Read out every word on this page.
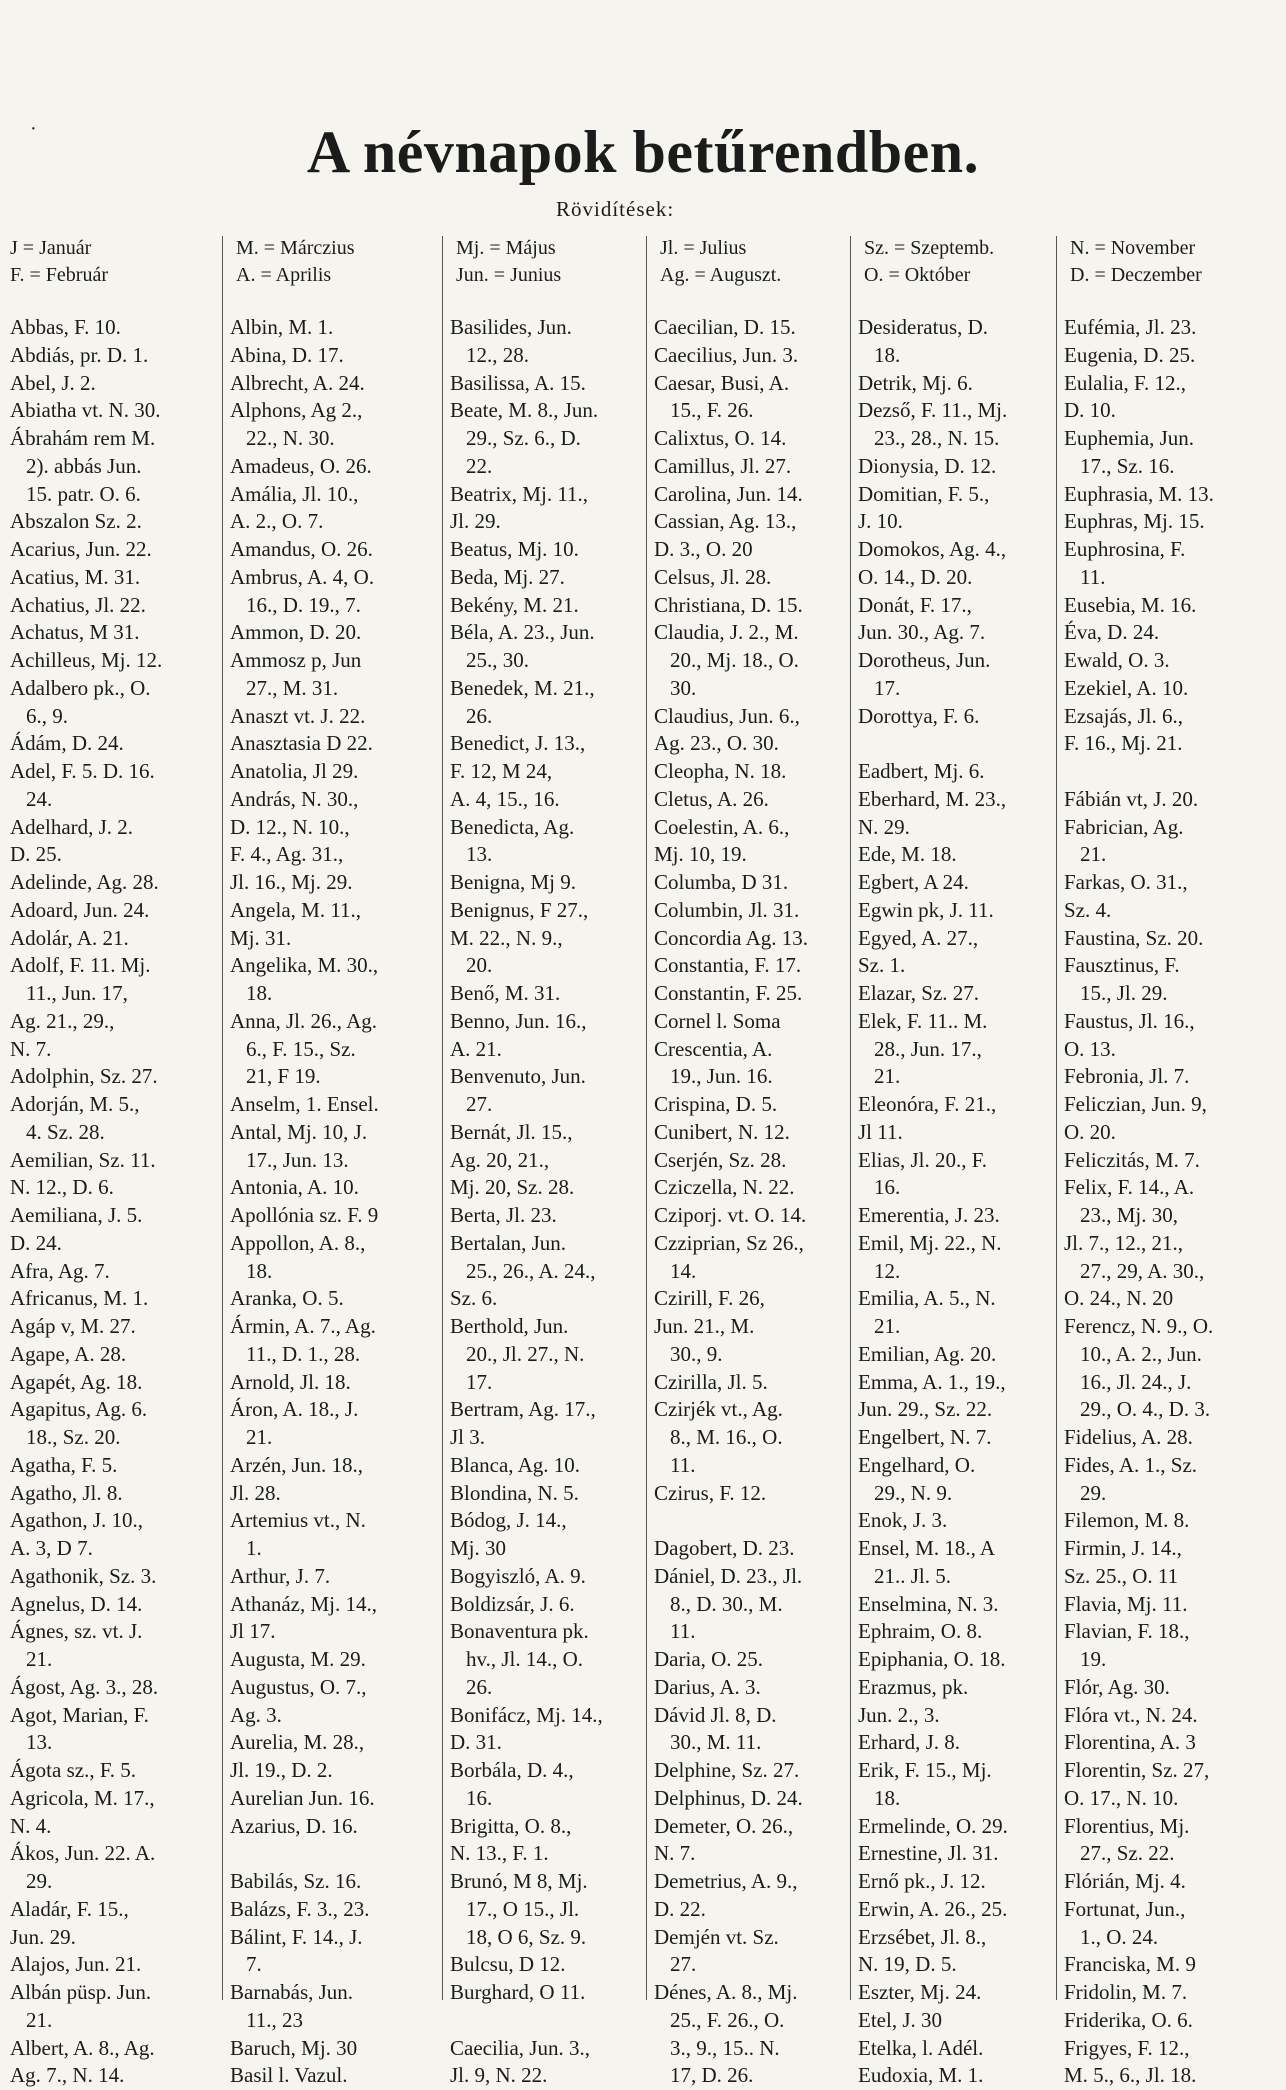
·	A névnapok betűrendben.
Rövidítések:
J = Január
F. = Február
M. = Márczius
A. = Aprilis
Mj. = Május
Jun. = Junius
Jl. = Julius
Ag. = Auguszt.
Sz. = Szeptemb.
O. = Október
N. = November
D. = Deczember
Abbas, F. 10.
Abdiás, pr. D. 1.
Abel, J. 2.
Abiatha vt. N. 30.
Ábrahám rem M.
2). abbás Jun.
15. patr. O. 6.
Abszalon Sz. 2.
Acarius, Jun. 22.
Acatius, M. 31.
Achatius, Jl. 22.
Achatus, M 31.
Achilleus, Mj. 12.
Adalbero pk., O.
6., 9.
Ádám, D. 24.
Adel, F. 5. D. 16.
24.
Adelhard, J. 2.
D. 25.
Adelinde, Ag. 28.
Adoard, Jun. 24.
Adolár, A. 21.
Adolf, F. 11. Mj.
11., Jun. 17,
Ag. 21., 29.,
N. 7.
Adolphin, Sz. 27.
Adorján, M. 5.,
4. Sz. 28.
Aemilian, Sz. 11.
N. 12., D. 6.
Aemiliana, J. 5.
D. 24.
Afra, Ag. 7.
Africanus, M. 1.
Agáp v, M. 27.
Agape, A. 28.
Agapét, Ag. 18.
Agapitus, Ag. 6.
18., Sz. 20.
Agatha, F. 5.
Agatho, Jl. 8.
Agathon, J. 10.,
A. 3, D 7.
Agathonik, Sz. 3.
Agnelus, D. 14.
Ágnes, sz. vt. J.
21.
Ágost, Ag. 3., 28.
Agot, Marian, F.
13.
Ágota sz., F. 5.
Agricola, M. 17.,
N. 4.
Ákos, Jun. 22. A.
29.
Aladár, F. 15.,
Jun. 29.
Alajos, Jun. 21.
Albán püsp. Jun.
21.
Albert, A. 8., Ag.
Ag. 7., N. 14.
Albin, M. 1.
Abina, D. 17.
Albrecht, A. 24.
Alphons, Ag 2.,
22., N. 30.
Amadeus, O. 26.
Amália, Jl. 10.,
A. 2., O. 7.
Amandus, O. 26.
Ambrus, A. 4, O.
16., D. 19., 7.
Ammon, D. 20.
Ammosz p, Jun
27., M. 31.
Anaszt vt. J. 22.
Anasztasia D 22.
Anatolia, Jl 29.
András, N. 30.,
D. 12., N. 10.,
F. 4., Ag. 31.,
Jl. 16., Mj. 29.
Angela, M. 11.,
Mj. 31.
Angelika, M. 30.,
18.
Anna, Jl. 26., Ag.
6., F. 15., Sz.
21, F 19.
Anselm, 1. Ensel.
Antal, Mj. 10, J.
17., Jun. 13.
Antonia, A. 10.
Apollónia sz. F. 9
Appollon, A. 8.,
18.
Aranka, O. 5.
Ármin, A. 7., Ag.
11., D. 1., 28.
Arnold, Jl. 18.
Áron, A. 18., J.
21.
Arzén, Jun. 18.,
Jl. 28.
Artemius vt., N.
1.
Arthur, J. 7.
Athanáz, Mj. 14.,
Jl 17.
Augusta, M. 29.
Augustus, O. 7.,
Ag. 3.
Aurelia, M. 28.,
Jl. 19., D. 2.
Aurelian Jun. 16.
Azarius, D. 16.

Babilás, Sz. 16.
Balázs, F. 3., 23.
Bálint, F. 14., J.
7.
Barnabás, Jun.
11., 23
Baruch, Mj. 30
Basil l. Vazul.
Basilides, Jun.
12., 28.
Basilissa, A. 15.
Beate, M. 8., Jun.
29., Sz. 6., D.
22.
Beatrix, Mj. 11.,
Jl. 29.
Beatus, Mj. 10.
Beda, Mj. 27.
Bekény, M. 21.
Béla, A. 23., Jun.
25., 30.
Benedek, M. 21.,
26.
Benedict, J. 13.,
F. 12, M 24,
A. 4, 15., 16.
Benedicta, Ag.
13.
Benigna, Mj 9.
Benignus, F 27.,
M. 22., N. 9.,
20.
Benő, M. 31.
Benno, Jun. 16.,
A. 21.
Benvenuto, Jun.
27.
Bernát, Jl. 15.,
Ag. 20, 21.,
Mj. 20, Sz. 28.
Berta, Jl. 23.
Bertalan, Jun.
25., 26., A. 24.,
Sz. 6.
Berthold, Jun.
20., Jl. 27., N.
17.
Bertram, Ag. 17.,
Jl 3.
Blanca, Ag. 10.
Blondina, N. 5.
Bódog, J. 14.,
Mj. 30
Bogyiszló, A. 9.
Boldizsár, J. 6.
Bonaventura pk.
hv., Jl. 14., O.
26.
Bonifácz, Mj. 14.,
D. 31.
Borbála, D. 4.,
16.
Brigitta, O. 8.,
N. 13., F. 1.
Brunó, M 8, Mj.
17., O 15., Jl.
18, O 6, Sz. 9.
Bulcsu, D 12.
Burghard, O 11.

Caecilia, Jun. 3.,
Jl. 9, N. 22.
Caecilian, D. 15.
Caecilius, Jun. 3.
Caesar, Busi, A.
15., F. 26.
Calixtus, O. 14.
Camillus, Jl. 27.
Carolina, Jun. 14.
Cassian, Ag. 13.,
D. 3., O. 20
Celsus, Jl. 28.
Christiana, D. 15.
Claudia, J. 2., M.
20., Mj. 18., O.
30.
Claudius, Jun. 6.,
Ag. 23., O. 30.
Cleopha, N. 18.
Cletus, A. 26.
Coelestin, A. 6.,
Mj. 10, 19.
Columba, D 31.
Columbin, Jl. 31.
Concordia Ag. 13.
Constantia, F. 17.
Constantin, F. 25.
Cornel l. Soma
Crescentia, A.
19., Jun. 16.
Crispina, D. 5.
Cunibert, N. 12.
Cserjén, Sz. 28.
Cziczella, N. 22.
Cziporj. vt. O. 14.
Czziprian, Sz 26.,
14.
Czirill, F. 26,
Jun. 21., M.
30., 9.
Czirilla, Jl. 5.
Czirjék vt., Ag.
8., M. 16., O.
11.
Czirus, F. 12.

Dagobert, D. 23.
Dániel, D. 23., Jl.
8., D. 30., M.
11.
Daria, O. 25.
Darius, A. 3.
Dávid Jl. 8, D.
30., M. 11.
Delphine, Sz. 27.
Delphinus, D. 24.
Demeter, O. 26.,
N. 7.
Demetrius, A. 9.,
D. 22.
Demjén vt. Sz.
27.
Dénes, A. 8., Mj.
25., F. 26., O.
3., 9., 15.. N.
17, D. 26.
Desideratus, D.
18.
Detrik, Mj. 6.
Dezső, F. 11., Mj.
23., 28., N. 15.
Dionysia, D. 12.
Domitian, F. 5.,
J. 10.
Domokos, Ag. 4.,
O. 14., D. 20.
Donát, F. 17.,
Jun. 30., Ag. 7.
Dorotheus, Jun.
17.
Dorottya, F. 6.

Eadbert, Mj. 6.
Eberhard, M. 23.,
N. 29.
Ede, M. 18.
Egbert, A 24.
Egwin pk, J. 11.
Egyed, A. 27.,
Sz. 1.
Elazar, Sz. 27.
Elek, F. 11.. M.
28., Jun. 17.,
21.
Eleonóra, F. 21.,
Jl 11.
Elias, Jl. 20., F.
16.
Emerentia, J. 23.
Emil, Mj. 22., N.
12.
Emilia, A. 5., N.
21.
Emilian, Ag. 20.
Emma, A. 1., 19.,
Jun. 29., Sz. 22.
Engelbert, N. 7.
Engelhard, O.
29., N. 9.
Enok, J. 3.
Ensel, M. 18., A
21.. Jl. 5.
Enselmina, N. 3.
Ephraim, O. 8.
Epiphania, O. 18.
Erazmus, pk.
Jun. 2., 3.
Erhard, J. 8.
Erik, F. 15., Mj.
18.
Ermelinde, O. 29.
Ernestine, Jl. 31.
Ernő pk., J. 12.
Erwin, A. 26., 25.
Erzsébet, Jl. 8.,
N. 19, D. 5.
Eszter, Mj. 24.
Etel, J. 30
Etelka, l. Adél.
Eudoxia, M. 1.
Eufémia, Jl. 23.
Eugenia, D. 25.
Eulalia, F. 12.,
D. 10.
Euphemia, Jun.
17., Sz. 16.
Euphrasia, M. 13.
Euphras, Mj. 15.
Euphrosina, F.
11.
Eusebia, M. 16.
Éva, D. 24.
Ewald, O. 3.
Ezekiel, A. 10.
Ezsajás, Jl. 6.,
F. 16., Mj. 21.

Fábián vt, J. 20.
Fabrician, Ag.
21.
Farkas, O. 31.,
Sz. 4.
Faustina, Sz. 20.
Fausztinus, F.
15., Jl. 29.
Faustus, Jl. 16.,
O. 13.
Febronia, Jl. 7.
Feliczian, Jun. 9,
O. 20.
Feliczitás, M. 7.
Felix, F. 14., A.
23., Mj. 30,
Jl. 7., 12., 21.,
27., 29, A. 30.,
O. 24., N. 20
Ferencz, N. 9., O.
10., A. 2., Jun.
16., Jl. 24., J.
29., O. 4., D. 3.
Fidelius, A. 28.
Fides, A. 1., Sz.
29.
Filemon, M. 8.
Firmin, J. 14.,
Sz. 25., O. 11
Flavia, Mj. 11.
Flavian, F. 18.,
19.
Flór, Ag. 30.
Flóra vt., N. 24.
Florentina, A. 3
Florentin, Sz. 27,
O. 17., N. 10.
Florentius, Mj.
27., Sz. 22.
Flórián, Mj. 4.
Fortunat, Jun.,
1., O. 24.
Franciska, M. 9
Fridolin, M. 7.
Friderika, O. 6.
Frigyes, F. 12.,
M. 5., 6., Jl. 18.
